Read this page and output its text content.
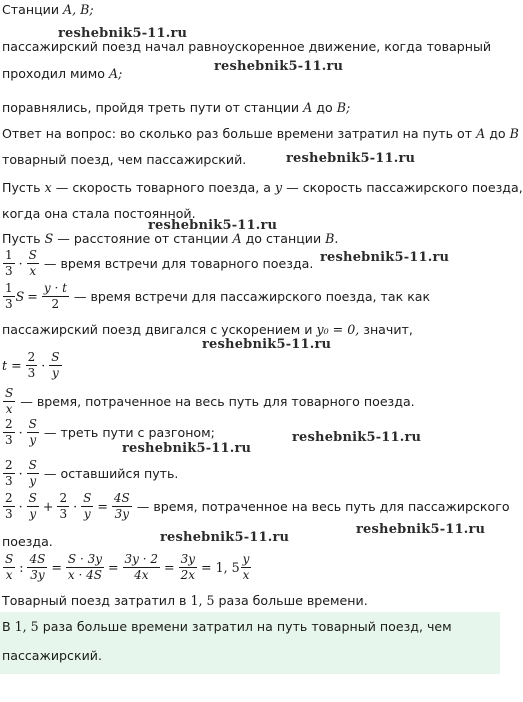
Станции A, B;
reshebnik5-11.ru
пассажирский поезд начал равноускоренное движение, когда товарный
проходил мимо A;	reshebnik5-11.ru
поравнялись, пройдя треть пути от станции A до B;
Ответ на вопрос: во сколько раз больше времени затратил на путь от A до B
товарный поезд, чем пассажирский.	reshebnik5-11.ru
Пусть x — скорость товарного поезда, а y — скорость пассажирского поезда,
когда она стала постоянной.
reshebnik5-11.ru
Пусть S — расстояние от станции A до станции B.
reshebnik5-11.ru
$\frac{1}{3} \cdot \frac{S}{x}$ — время встречи для товарного поезда.
$\frac{1}{3}$ $S = \frac{y \cdot t}{2}$ — время встречи для пассажирского поезда, так как
пассажирский поезд двигался с ускорением и y₀ = 0, значит,
reshebnik5-11.ru
$t = \frac{2}{3} \cdot \frac{S}{y}$
$\frac{S}{x}$ — время, потраченное на весь путь для товарного поезда.
$\frac{2}{3} \cdot \frac{S}{y}$ — треть пути с разгоном;
reshebnik5-11.ru
reshebnik5-11.ru
$\frac{2}{3} \cdot \frac{S}{y}$ — оставшийся путь.
$\frac{2}{3} \cdot \frac{S}{y} + \frac{2}{3} \cdot \frac{S}{y} = \frac{4S}{3y}$ — время, потраченное на весь путь для пассажирского
reshebnik5-11.ru
поезда.	reshebnik5-11.ru
$\frac{S}{x}$ : $\frac{4S}{3y} = \frac{S \cdot 3y}{x \cdot 4S} = \frac{3y \cdot 2}{4x} = \frac{3y}{2x} = 1$, $5 \frac{y}{x}$
Товарный поезд затратил в 1, 5 раза больше времени.
В 1, 5 раза больше времени затратил на путь товарный поезд, чем
пассажирский.
